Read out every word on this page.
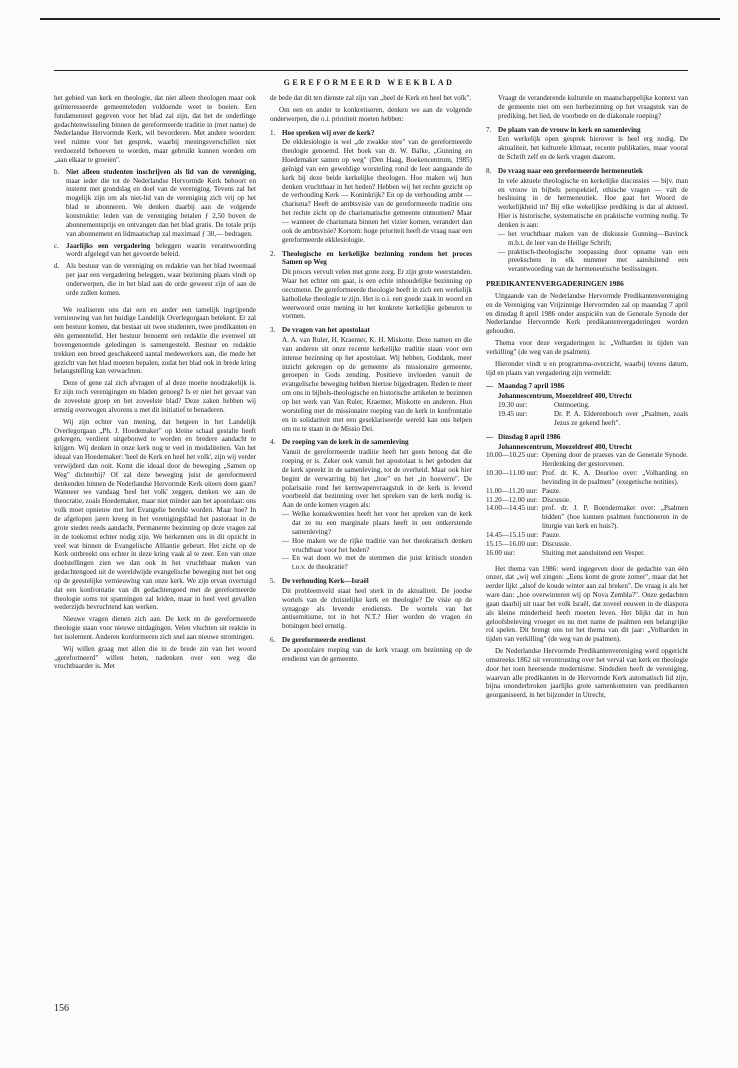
GEREFORMEERD WEEKBLAD

het gebied van kerk en theologie, dat niet alleen theologen maar ook geïnteresseerde gemeenteleden voldoende weet te boeien. Een fundamenteel gegeven voor het blad zal zijn, dat het de onderlinge gedachtenwisseling binnen de gereformeerde traditie in (met name) de Nederlandse Hervormde Kerk, wil bevorderen. Met andere woorden: veel ruimte voor het gesprek, waarbij meningsverschillen niet verdoezeld behoeven te worden, maar gebruikt kunnen worden om „aan elkaar te groeien".

b. Niet alleen studenten inschrijven als lid van de vereniging, maar ieder die tot de Nederlandse Hervormde Kerk behoort en instemt met grondslag en doel van de vereniging. Tevens zal het mogelijk zijn om als niet-lid van de vereniging zich vrij op het blad te abonneren. We denken daarbij aan de volgende konstruktie: leden van de vereniging betalen ƒ 2,50 boven de abonnementsprijs en ontvangen dan het blad gratis. De totale prijs van abonnement en lidmaatschap zal maximaal ƒ 30,— bedragen.
c. Jaarlijks een vergadering beleggen waarin verantwoording wordt afgelegd van het gevoerde beleid.
d. Als bestuur van de vereniging en redaktie van het blad tweemaal per jaar een vergadering beleggen, waar bezinning plaats vindt op onderwerpen, die in het blad aan de orde geweest zijn of aan de orde zullen komen.

We realiseren ons dat een en ander een tamelijk ingrijpende vernieuwing van het huidige Landelijk Overlegorgaan betekent. Er zal een bestuur komen, dat bestaat uit twee studenten, twee predikanten en één gemeentelid. Het bestuur benoemt een redaktie die evenwel uit bovengenoemde geledingen is samengesteld. Bestuur en redaktie trekken een breed geschakeerd aantal medewerkers aan, die mede het gezicht van het blad moeten bepalen, zodat het blad ook in brede kring belangstelling kan verwachten.

Deze of gene zal zich afvragen of al deze moeite noodzakelijk is. Er zijn toch verenigingen en bladen genoeg? Is er niet het gevaar van de zoveelste groep en het zoveelste blad? Deze zaken hebben wij ernstig overwogen alvorens u met dit initiatief te benaderen.

Wij zijn echter van mening, dat hetgeen in het Landelijk Overlegorgaan „Ph. J. Hoedemaker" op kleine schaal gestalte heeft gekregen, verdient uitgebouwd te worden en bredere aandacht te krijgen. Wij denken in onze kerk nog te veel in modaliteiten. Van het ideaal van Hoedemaker: 'heel de Kerk en heel het volk', zijn wij verder verwijderd dan ooit. Komt die ideaal door de beweging „Samen op Weg" dichterbij? Of zal deze beweging juist de gereformeerd denkenden binnen de Nederlandse Hervormde Kerk uiteen doen gaan? Wanneer we vandaag 'heel het volk' zeggen, denken we aan de theocratie, zoals Hoedemaker, maar niet minder aan het apostolaat: ons volk moet opnieuw met het Evangelie bereikt worden. Maar hoe? In de afgelopen jaren kreeg in het verenigingsblad het pastoraat in de grote steden reeds aandacht. Permanente bezinning op deze vragen zal in de toekomst echter nodig zijn. We herkennen ons in dit opzicht in veel wat binnen de Evangelische Alliantie gebeurt. Het zicht op de Kerk ontbreekt ons echter in deze kring vaak al te zeer. Een van onze doelstellingen zien we dan ook in het vruchtbaar maken van gedachtengoed uit de wereldwijde evangelische beweging met het oog op de geestelijke vernieuwing van onze kerk. We zijn ervan overtuigd dat een konfrontatie van dit gedachtengoed met de gereformeerde theologie soms tot spanningen zal leiden, maar in heel veel gevallen wederzijds bevruchtend kan werken.

Nieuwe vragen dienen zich aan. De kerk en de gereformeerde theologie staan voor nieuwe uitdagingen. Velen vluchten uit reaktie in het isolement. Anderen konformeren zich snel aan nieuwe stromingen.

Wij willen graag met allen die in de brede zin van het woord „gereformeerd" willen heten, nadenken over een weg die vruchtbaarder is. Met

de bede dat dit ten dienste zal zijn van „heel de Kerk en heel het volk".

Om een en ander te konkretiseren, denken we aan de volgende onderwerpen, die o.i. prioriteit moeten hebben:

1. Hoe spreken wij over de kerk?

De ekklesiologie is wel „de zwakke stee" van de gereformeerde theologie genoemd. Het boek van dr. W. Balke, „Gunning en Hoedemaker samen op weg" (Den Haag, Boekencentrum, 1985) geïnigd van een geweldige worsteling rond de leer aangaande de kerk bij deze beide kerkelijke theologen. Hoe maken wij hun denken vruchtbaar in het heden? Hebben wij het rechte gezicht op de verhouding Kerk — Koninkrijk? En op de verhouding ambt — charisma? Heeft de ambtsvisie van de gereformeerde traditie ons het rechte zicht op de charismatische gemeente ontnomen? Maar — wanneer de charismata binnen het vizier komen, verandert dan ook de ambtsvisie? Kortom: hoge prioriteit heeft de vraag naar een gereformeerde ekklesiologie.

2. Theologische en kerkelijke bezinning rondom het proces Samen op Weg

Dit proces vervult velen met grote zorg. Er zijn grote weerstanden. Waar het echter om gaat, is een echte inhoudelijke bezinning op oecumene. De gereformeerde theologie heeft in zich een werkelijk katholieke theologie te zijn. Het is o.i. een goede zaak in woord en weerwoord onze mening in het konkrete kerkelijke gebeuren te vormen.

3. De vragen van het apostolaat

A. A. van Ruler, H. Kraemer, K. H. Miskotte. Deze namen en die van anderen uit onze recente kerkelijke traditie staan voor een intense bezinning op het apostolaat. Wij hebben, Goddank, meer inzicht gekregen op de gemeente als missionaire gemeente, geroepen in Gods zending. Positieve invloeden vanuit de evangelische beweging hebben hiertoe bijgedragen. Reden te meer om ons in bijbels-theologische en historische artikelen te bezinnen op het werk van Van Ruler, Kraemer, Miskotte en anderen. Hun worsteling met de missionaire roeping van de kerk in konfrontatie en in solidariteit met een geseklariseerde wereld kan ons helpen om nu te staan in de Missio Dei.

4. De roeping van de kerk in de samenleving

Vanuit de gereformeerde traditie heeft het geen betoog dat die roeping er is. Zeker ook vanuit het apostolaat is het geboden dat de kerk spreekt in de samenleving, tot de overheid. Maar ook hier begint de verwarring bij het „hoe" en het „in hoeverre". De polarisatie rond het kernwapenvraagstuk in de kerk is levend voorbeeld dat bezinning over het spreken van de kerk nodig is. Aan de orde komen vragen als:

— Welke konsekwenties heeft het voor het spreken van de kerk dat ze nu een marginale plaats heeft in een ontkerstende samenleving?
— Hoe maken we de rijke traditie van het theokratisch denken vruchtbaar voor het heden?
— En wat doen we met de stemmen die juist kritisch stonden t.o.v. de theokratie?
5. De verhouding Kerk—Israël

Dit probleemveld staat heel sterk in de aktualiteit. De joodse wortels van de christelijke kerk en theologie? De visie op de synagoge als levende erediensts. De wortels van het antisemitisme, tot in het N.T.? Hier worden de vragen én botsingen heel ernstig.

6. De gereformeerde eredienst

De apostolaire roeping van de kerk vraagt om bezinning op de eredienst van de gemeente.

Vraagt de veranderende kulturele en maatschappelijke kontext van de gemeente niet om een herbezinning op het vraagstuk van de prediking, het lied, de voorbede en de diakonale roeping?

7. De plaats van de vrouw in kerk en samenleving

Een werkelijk open gesprek hierover is heel erg nodig. De aktualiteit, het kulturele klimaat, recente publikaties, maar vooral de Schrift zelf en de kerk vragen daarom.

8. De vraag naar een gereformeerde hermeneutiek

In vele aktuele theologische en kerkelijke discussies — bijv. man en vrouw in bijbels perspektief, ethische vragen — valt de beslissing in de hermeneutiek. Hoe gaat het Woord de werkelijkheid in? Bij elke wekelijkse prediking is dat al aktueel. Hier is historische, systematische en praktische vorming nodig. Te denken is aan:

— het vruchtbaar maken van de diskussie Gunning—Bavinck m.b.t. de leer van de Heilige Schrift;
— praktisch-theologische toepassing door opname van een preekschets in elk nummer met aansluitend een verantwoording van de hermeneutische beslissingen.
PREDIKANTENVERGADERINGEN 1986

Uitgaande van de Nederlandse Hervormde Predikantenvereniging en de Vereniging van Vrijzinnige Hervormden zal op maandag 7 april en dinsdag 8 april 1986 onder auspiciën van de Generale Synode der Nederlandse Hervormde Kerk predikantenvergaderingen worden gehouden.

Thema voor deze vergaderingen is: „Volharden in tijden van verkilling" (de weg van de psalmen).

Hieronder vindt u en programma-overzicht, waarbij tevens datum, tijd en plaats van vergadering zijn vermeldt:

— Maandag 7 april 1986
Johannescentrum, Moezeldreef 400, Utrecht
19.30 uur:	Ontmoeting.
19.45 uur:	Dr. P. A. Elderenbosch over „Psalmen, zoals Jezus ze gekend heeft".
— Dinsdag 8 april 1986
Johannescentrum, Moezeldreef 400, Utrecht
10.00—10.25 uur: Opening door de praeses van de Generale Synode. Herdenking der gestorvenen.
10.30—11.00 uur: Prof. dr. K. A. Deurloo over: „Volharding en bevinding in de psalmen" (exegetische notities).
11.00—11.20 uur: Pauze.
11.20—12.00 uur: Discussie.
14.00—14.45 uur: prof. dr. J. P. Boendermaker over: „Psalmen bidden" (hoe kunnen psalmen functioneren in de liturgie van kerk en huis?).
14.45—15.15 uur: Pauze.
15.15—16.00 uur: Discussie.
16.00 uur:	Sluiting met aansluitend een Vesper.

Het thema van 1986: werd ingegeven door de gedachte van één onzer, dat „wij wel zingen: „Eens komt de grote zomer", maar dat het eerder lijkt „alsof de koude winter aan zal breken". De vraag is als het ware dan: „hoe overwinteren wij op Nova Zembla?". Onze gedachten gaan daarbij uit naar het volk Israël, dat zoveel eeuwen in de diaspora als kleine minderheid heeft moeten leven. Het blijkt dat in hun geloofsbeleving vroeger en nu met name de psalmen een belangrijke rol spelen. Dit brengt ons tot het thema van dit jaar: „Volharden in tijden van verkilling" (de weg van de psalmen).

De Nederlandse Hervormde Predikantenvereniging werd opgericht omstreeks 1862 uit verontrusting over het verval van kerk en theologie door het toen heersende modernisme. Sindsdien heeft de vereniging, waarvan alle predikanten in de Hervormde Kerk automatisch lid zijn, bijna ononderbroken jaarlijks grote samenkomsten van predikanten georganiseerd, in het bijzonder in Utrecht,

156
